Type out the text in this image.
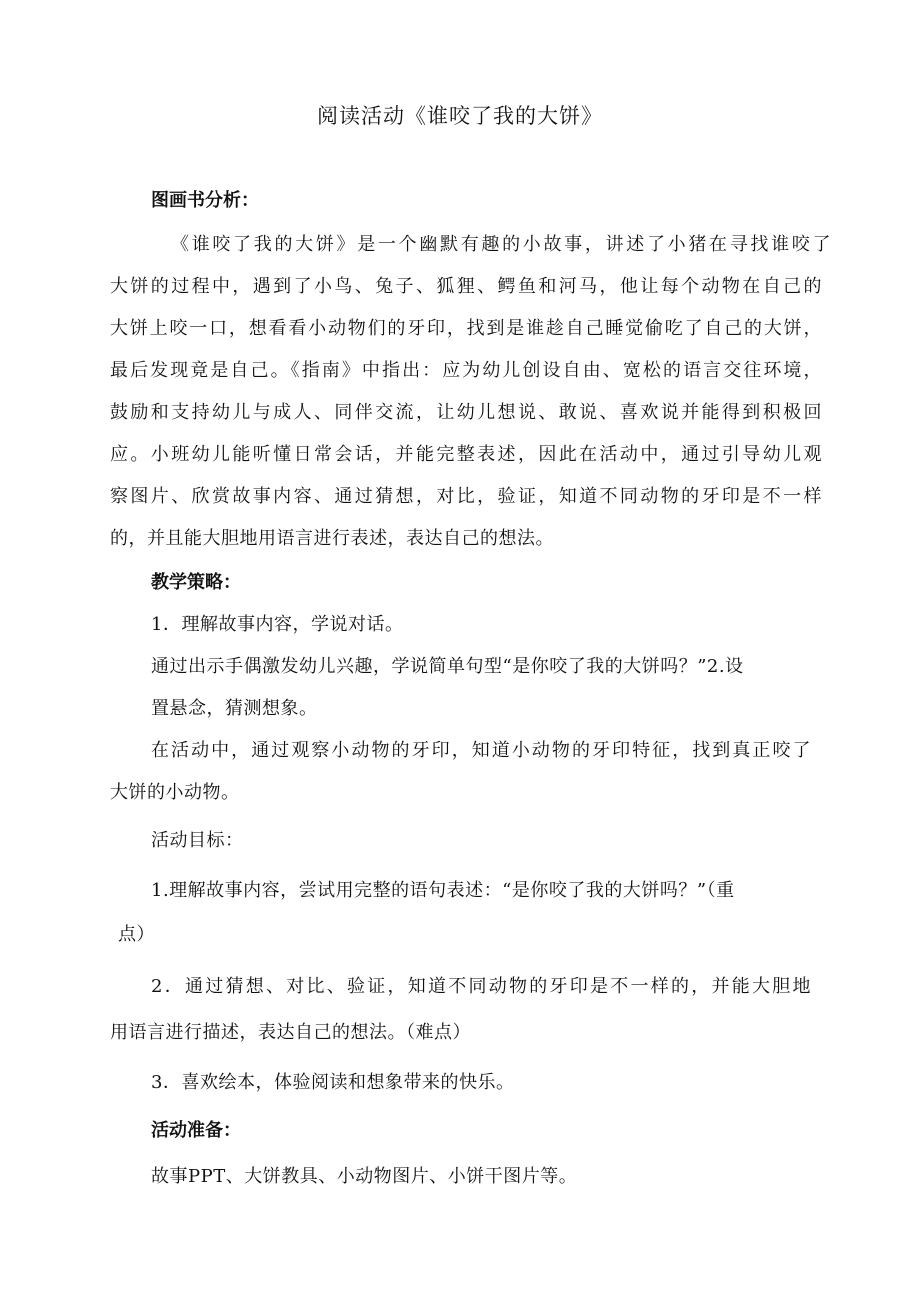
阅读活动《谁咬了我的大饼》
图画书分析：
《谁咬了我的大饼》是一个幽默有趣的小故事，讲述了小猪在寻找谁咬了
大饼的过程中，遇到了小鸟、兔子、狐狸、鳄鱼和河马，他让每个动物在自己的
大饼上咬一口，想看看小动物们的牙印，找到是谁趁自己睡觉偷吃了自己的大饼，
最后发现竟是自己。《指南》中指出：应为幼儿创设自由、宽松的语言交往环境，
鼓励和支持幼儿与成人、同伴交流，让幼儿想说、敢说、喜欢说并能得到积极回
应。小班幼儿能听懂日常会话，并能完整表述，因此在活动中，通过引导幼儿观
察图片、欣赏故事内容、通过猜想，对比，验证，知道不同动物的牙印是不一样
的，并且能大胆地用语言进行表述，表达自己的想法。
教学策略：
1．理解故事内容，学说对话。
通过出示手偶激发幼儿兴趣，学说简单句型“是你咬了我的大饼吗？”2.设
置悬念，猜测想象。
在活动中，通过观察小动物的牙印，知道小动物的牙印特征，找到真正咬了
大饼的小动物。
活动目标：
1.理解故事内容，尝试用完整的语句表述：“是你咬了我的大饼吗？”（重
点）
2．通过猜想、对比、验证，知道不同动物的牙印是不一样的，并能大胆地
用语言进行描述，表达自己的想法。（难点）
3．喜欢绘本，体验阅读和想象带来的快乐。
活动准备：
故事PPT、大饼教具、小动物图片、小饼干图片等。
